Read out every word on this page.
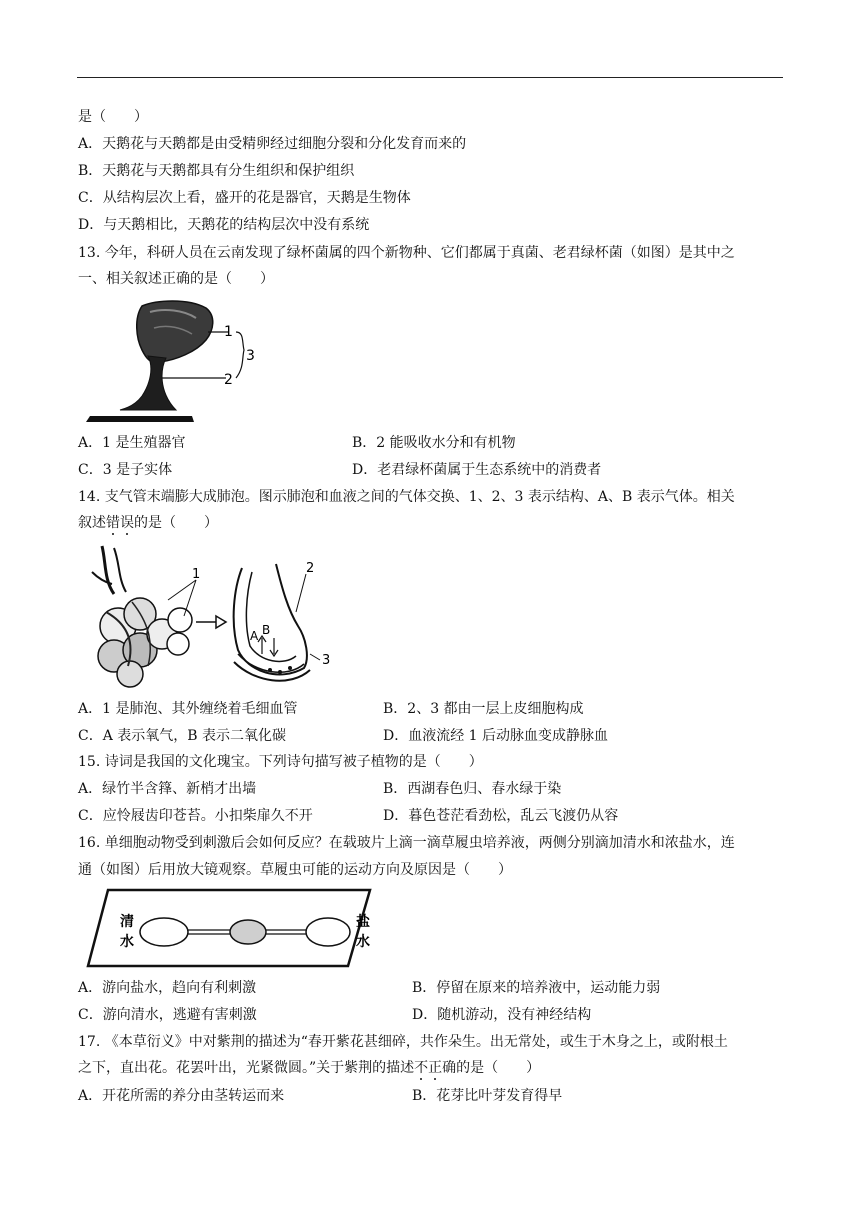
是（　　）
A．天鹅花与天鹅都是由受精卵经过细胞分裂和分化发育而来的
B．天鹅花与天鹅都具有分生组织和保护组织
C．从结构层次上看，盛开的花是器官，天鹅是生物体
D．与天鹅相比，天鹅花的结构层次中没有系统
13. 今年，科研人员在云南发现了绿杯菌属的四个新物种、它们都属于真菌、老君绿杯菌（如图）是其中之
一、相关叙述正确的是（　　）
1
2
3
A．1 是生殖器官	B．2 能吸收水分和有机物
C．3 是子实体	D．老君绿杯菌属于生态系统中的消费者
14. 支气管末端膨大成肺泡。图示肺泡和血液之间的气体交换、1、2、3 表示结构、A、B 表示气体。相关
叙述错误的是（　　）
1	2
3
A B
A．1 是肺泡、其外缠绕着毛细血管	B．2、3 都由一层上皮细胞构成
C．A 表示氧气，B 表示二氧化碳	D．血液流经 1 后动脉血变成静脉血
15. 诗词是我国的文化瑰宝。下列诗句描写被子植物的是（　　）
A．绿竹半含箨、新梢才出墙	B．西湖春色归、春水绿于染
C．应怜屐齿印苍苔。小扣柴扉久不开	D．暮色苍茫看劲松，乱云飞渡仍从容
16. 单细胞动物受到刺激后会如何反应？在载玻片上滴一滴草履虫培养液，两侧分别滴加清水和浓盐水，连
通（如图）后用放大镜观察。草履虫可能的运动方向及原因是（　　）
清
水
盐
水
A．游向盐水，趋向有利刺激	B．停留在原来的培养液中，运动能力弱
C．游向清水，逃避有害刺激	D．随机游动，没有神经结构
17. 《本草衍义》中对紫荆的描述为“春开紫花甚细碎，共作朵生。出无常处，或生于木身之上，或附根土
之下，直出花。花罢叶出，光紧微圆。”关于紫荆的描述不正确的是（　　）
A．开花所需的养分由茎转运而来	B．花芽比叶芽发育得早
